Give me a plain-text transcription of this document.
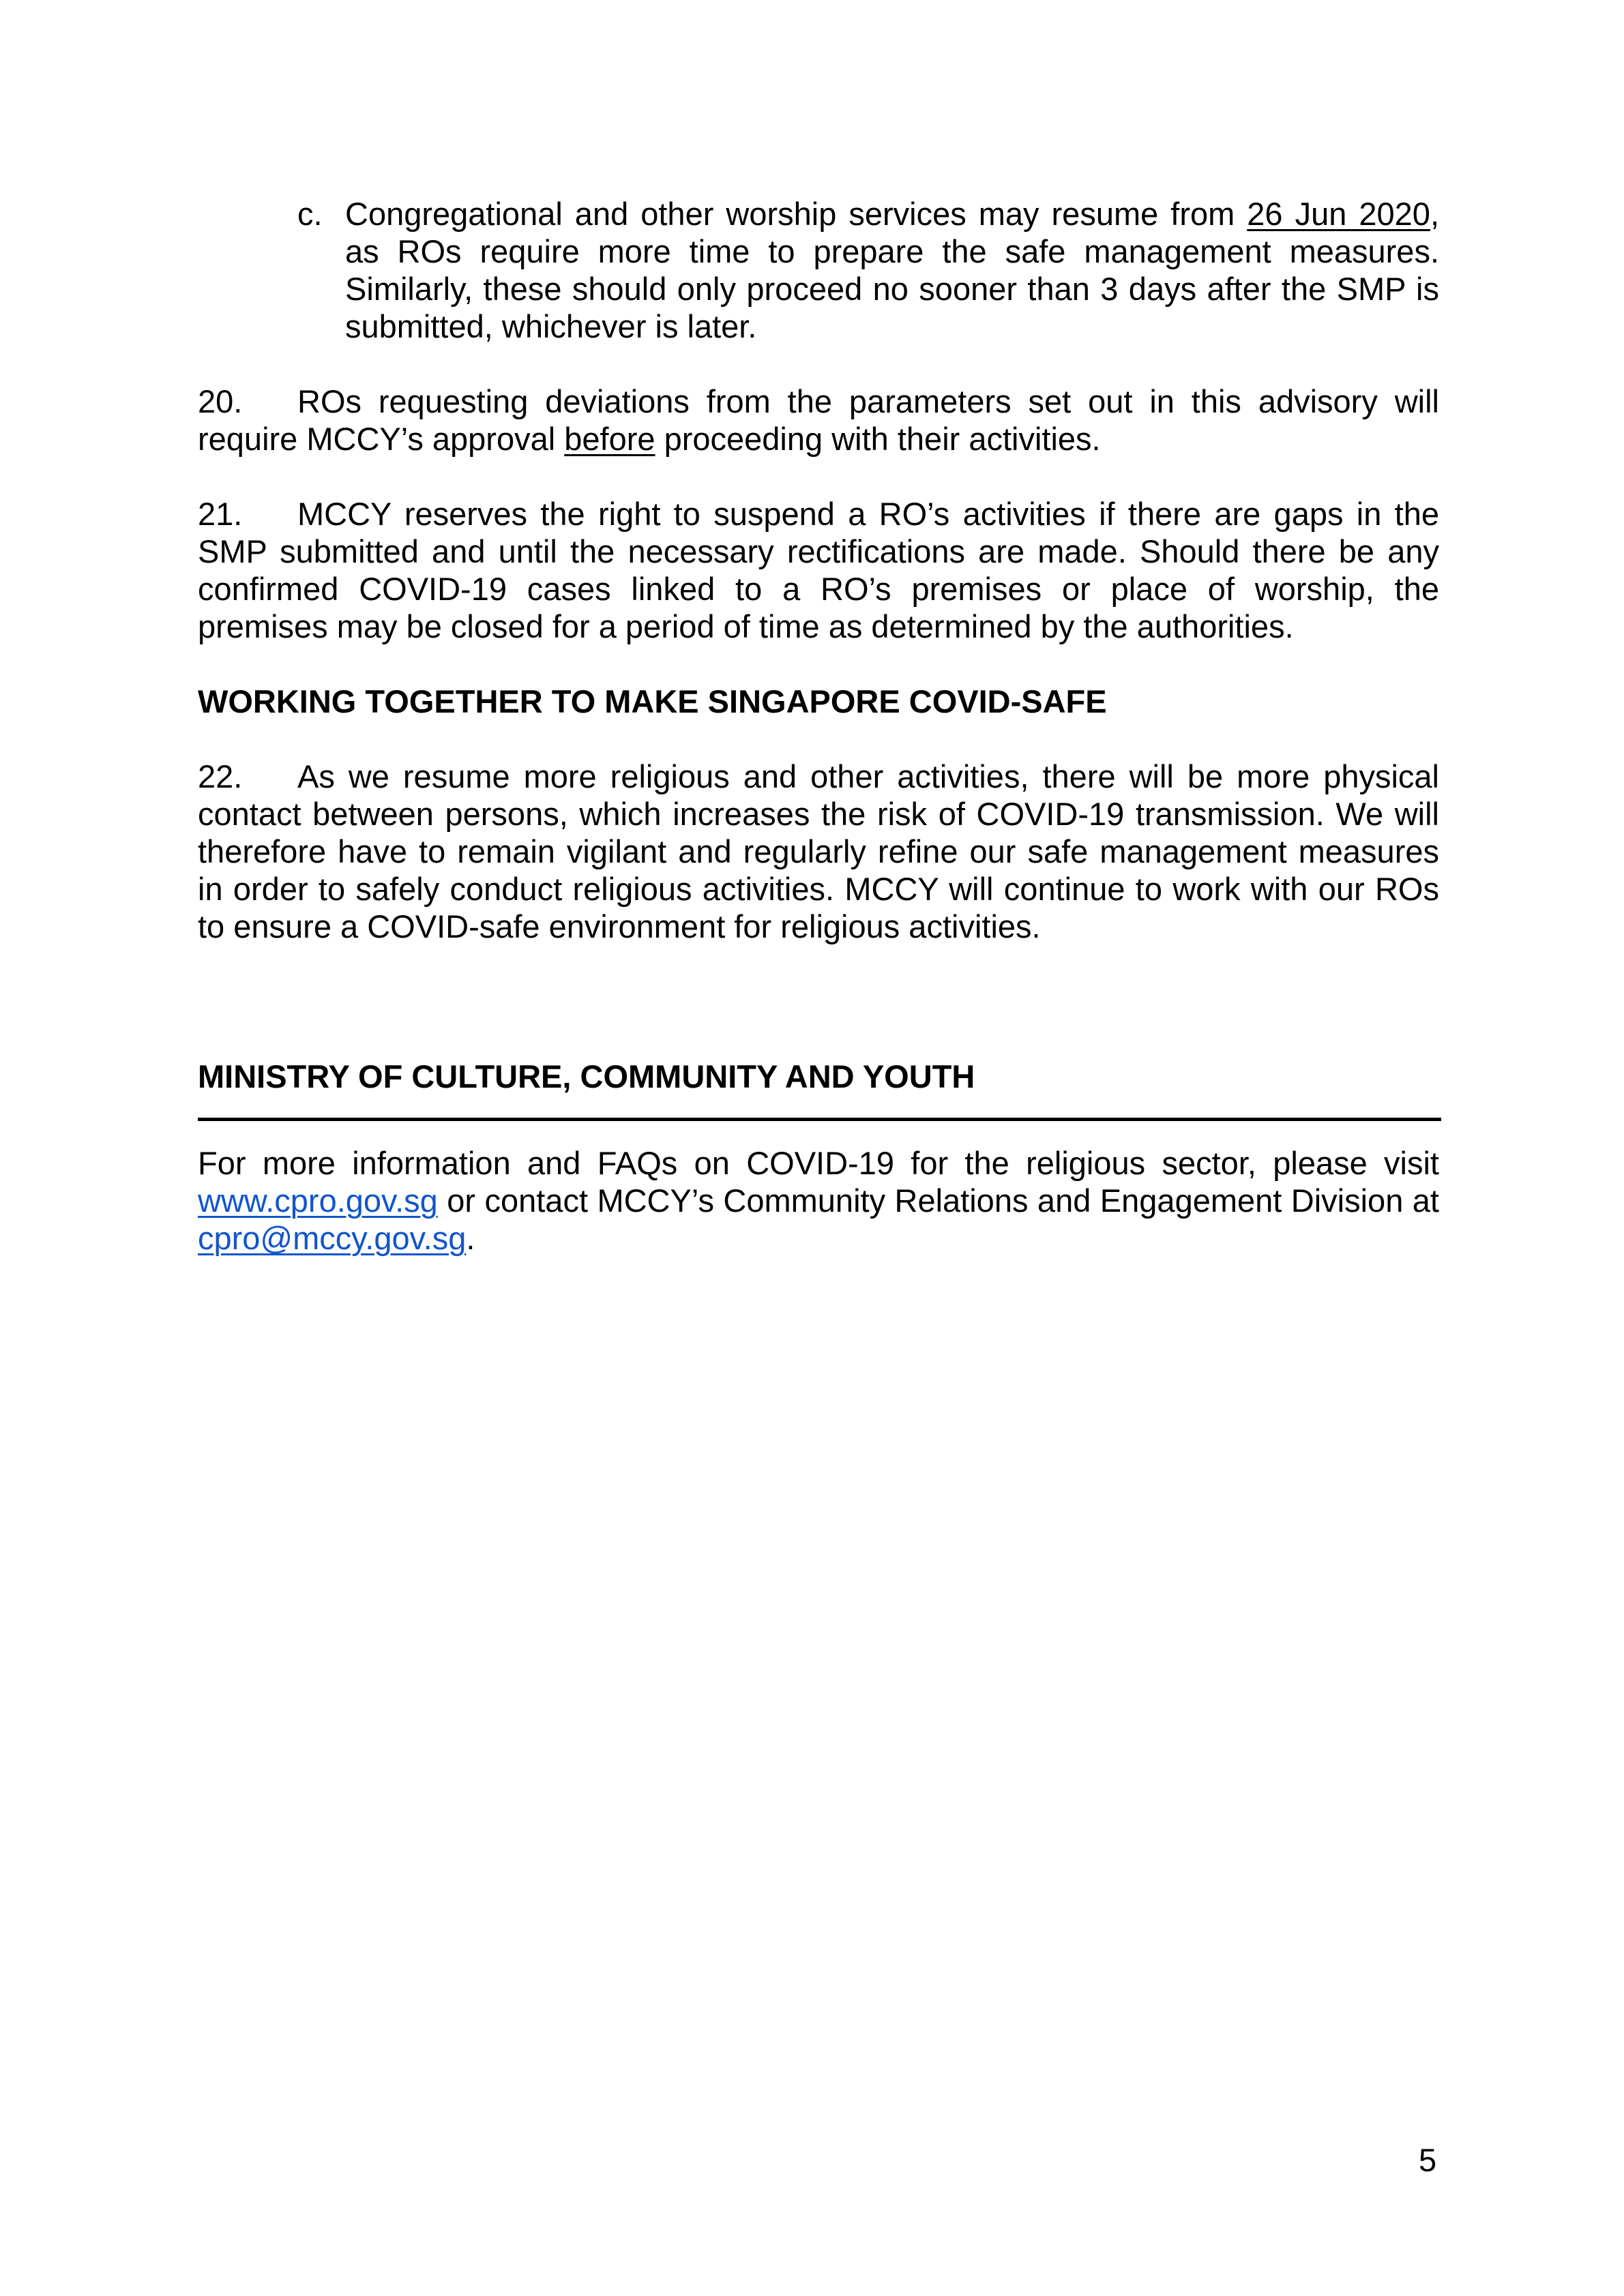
c. Congregational and other worship services may resume from 26 Jun 2020, as ROs require more time to prepare the safe management measures. Similarly, these should only proceed no sooner than 3 days after the SMP is submitted, whichever is later.

20. ROs requesting deviations from the parameters set out in this advisory will require MCCY’s approval before proceeding with their activities.

21. MCCY reserves the right to suspend a RO’s activities if there are gaps in the SMP submitted and until the necessary rectifications are made. Should there be any confirmed COVID-19 cases linked to a RO’s premises or place of worship, the premises may be closed for a period of time as determined by the authorities.

WORKING TOGETHER TO MAKE SINGAPORE COVID-SAFE

22. As we resume more religious and other activities, there will be more physical contact between persons, which increases the risk of COVID-19 transmission. We will therefore have to remain vigilant and regularly refine our safe management measures in order to safely conduct religious activities. MCCY will continue to work with our ROs to ensure a COVID-safe environment for religious activities.

MINISTRY OF CULTURE, COMMUNITY AND YOUTH

For more information and FAQs on COVID-19 for the religious sector, please visit www.cpro.gov.sg or contact MCCY’s Community Relations and Engagement Division at cpro@mccy.gov.sg.

5
